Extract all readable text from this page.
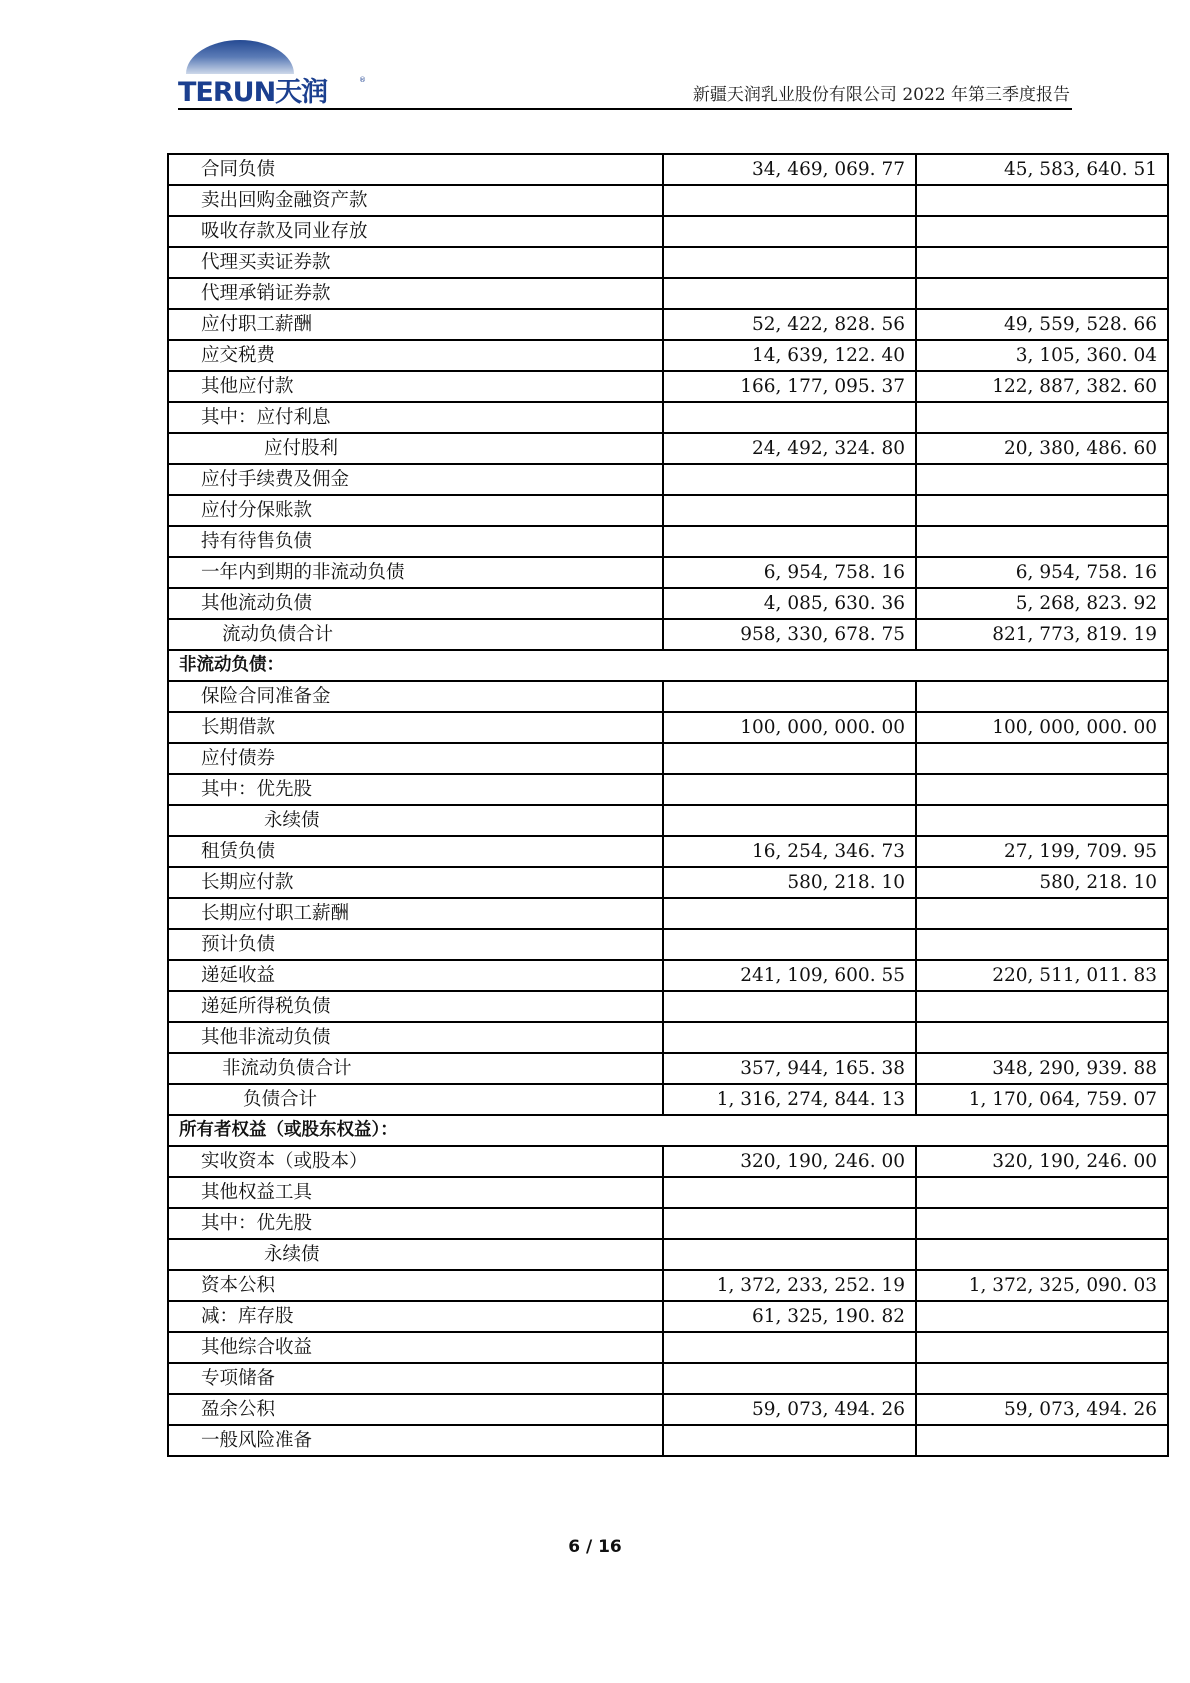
TERUN天润	®
新疆天润乳业股份有限公司 2022 年第三季度报告
合同负债	34, 469, 069. 77	45, 583, 640. 51
卖出回购金融资产款		
吸收存款及同业存放		
代理买卖证券款		
代理承销证券款		
应付职工薪酬	52, 422, 828. 56	49, 559, 528. 66
应交税费	14, 639, 122. 40	3, 105, 360. 04
其他应付款	166, 177, 095. 37	122, 887, 382. 60
其中：应付利息		
应付股利	24, 492, 324. 80	20, 380, 486. 60
应付手续费及佣金		
应付分保账款		
持有待售负债		
一年内到期的非流动负债	6, 954, 758. 16	6, 954, 758. 16
其他流动负债	4, 085, 630. 36	5, 268, 823. 92
流动负债合计	958, 330, 678. 75	821, 773, 819. 19
非流动负债：		
保险合同准备金		
长期借款	100, 000, 000. 00	100, 000, 000. 00
应付债券		
其中：优先股		
永续债		
租赁负债	16, 254, 346. 73	27, 199, 709. 95
长期应付款	580, 218. 10	580, 218. 10
长期应付职工薪酬		
预计负债		
递延收益	241, 109, 600. 55	220, 511, 011. 83
递延所得税负债		
其他非流动负债		
非流动负债合计	357, 944, 165. 38	348, 290, 939. 88
负债合计	1, 316, 274, 844. 13	1, 170, 064, 759. 07
所有者权益（或股东权益）：		
实收资本（或股本）	320, 190, 246. 00	320, 190, 246. 00
其他权益工具		
其中：优先股		
永续债		
资本公积	1, 372, 233, 252. 19	1, 372, 325, 090. 03
减：库存股	61, 325, 190. 82	
其他综合收益		
专项储备		
盈余公积	59, 073, 494. 26	59, 073, 494. 26
一般风险准备		
6 / 16
